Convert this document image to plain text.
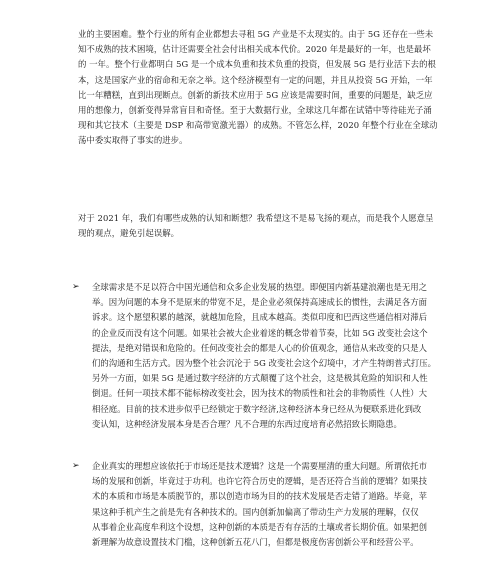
业的主要困难。整个行业的所有企业都想去寻租 5G 产业是不太现实的。由于 5G 还存在一些未
知不成熟的技术困境，估计还需要全社会付出相关成本代价。2020 年是最好的一年，也是最坏
的 一年。整个行业都明白 5G 是一个成本负重和技术负重的投资，但发展 5G 是行业活下去的根
本，这是国家产业的宿命和无奈之举。这个经济模型有一定的问题，并且从投资 5G 开始，一年
比一年糟糕，直到出现断点。创新的新技术应用于 5G 应该是需要时间，重要的问题是，缺乏应
用的想像力，创新变得异常盲目和奇怪。至于大数据行业，全球这几年都在试错中等待硅光子涌
现和其它技术（主要是 DSP 和高带宽激光器）的成熟。不管怎么样，2020 年整个行业在全球动
荡中委实取得了事实的进步。

对于 2021 年，我们有哪些成熟的认知和断想？我希望这不是易飞扬的观点，而是我个人愿意呈
现的观点，避免引起误解。

➢ 全球需求是不足以符合中国光通信和众多企业发展的热望。即便国内新基建浪潮也是无用之
举。因为问题的本身不是原来的带宽不足，是企业必须保持高速成长的惯性，去满足各方面
诉求。这个愿望积累的越深，就越加危险，且成本越高。类似印度和巴西这些通信相对滞后
的企业反而没有这个问题。如果社会被大企业着迷的概念带着节奏，比如 5G 改变社会这个
提法，是绝对错误和危险的。任何改变社会的都是人心的价值观念，通信从来改变的只是人
们的沟通和生活方式。因为整个社会沉沦于 5G 改变社会这个幻境中，才产生特朗普式打压。
另外一方面，如果 5G 是通过数字经济的方式颠覆了这个社会，这是极其危险的知识和人性
倒退。任何一项技术都不能标榜改变社会，因为技术的物质性和社会的非物质性（人性）大
相径庭。目前的技术进步似乎已经锁定于数字经济,这种经济本身已经从为便联系进化到改
变认知，这种经济发展本身是否合理？凡不合理的东西过度培育必然招致长期隐患。

➢ 企业真实的理想应该依托于市场还是技术逻辑？这是一个需要厘清的重大问题。所谓依托市
场的发展和创新，毕竟过于功利。也许它符合历史的逻辑，是否还符合当前的逻辑？如果技
术的本质和市场是本质脱节的，那以创造市场为目的的技术发展是否走错了道路。毕竟，苹
果这种手机产生之前是先有各种技术的。国内创新加偏离了带动生产力发展的理解，仅仅
从事着企业高度牟利这个设想，这种创新的本质是否有存活的土壤或者长期价值。如果把创
新理解为故意设置技术门槛，这种创新五花八门，但都是极度伤害创新公平和经营公平。
